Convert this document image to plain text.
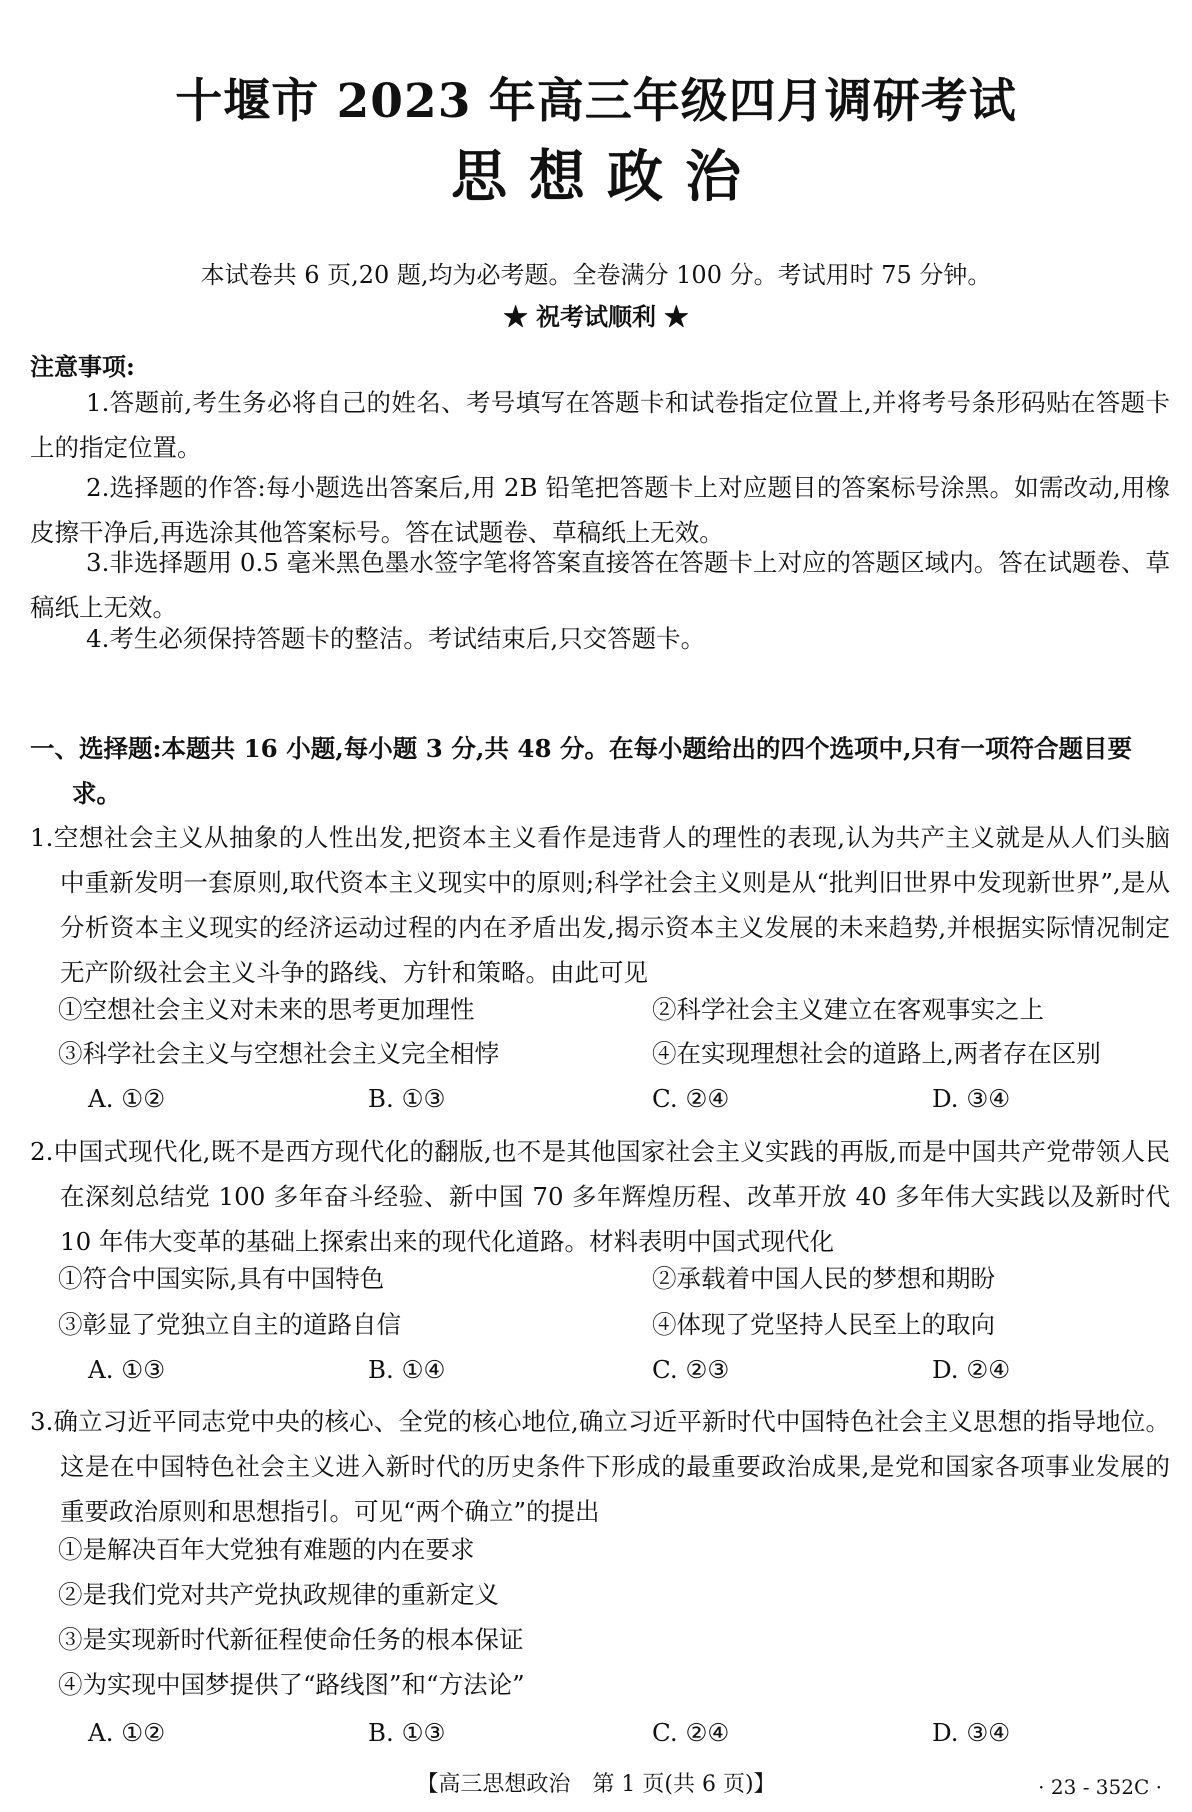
十堰市 2023 年高三年级四月调研考试
思想政治
本试卷共 6 页,20 题,均为必考题。全卷满分 100 分。考试用时 75 分钟。
★ 祝考试顺利 ★
注意事项:
1.答题前,考生务必将自己的姓名、考号填写在答题卡和试卷指定位置上,并将考号条形码贴在答题卡上的指定位置。
2.选择题的作答:每小题选出答案后,用 2B 铅笔把答题卡上对应题目的答案标号涂黑。如需改动,用橡皮擦干净后,再选涂其他答案标号。答在试题卷、草稿纸上无效。
3.非选择题用 0.5 毫米黑色墨水签字笔将答案直接答在答题卡上对应的答题区域内。答在试题卷、草稿纸上无效。
4.考生必须保持答题卡的整洁。考试结束后,只交答题卡。
一、选择题:本题共 16 小题,每小题 3 分,共 48 分。在每小题给出的四个选项中,只有一项符合题目要求。
1.空想社会主义从抽象的人性出发,把资本主义看作是违背人的理性的表现,认为共产主义就是从人们头脑中重新发明一套原则,取代资本主义现实中的原则;科学社会主义则是从“批判旧世界中发现新世界”,是从分析资本主义现实的经济运动过程的内在矛盾出发,揭示资本主义发展的未来趋势,并根据实际情况制定无产阶级社会主义斗争的路线、方针和策略。由此可见
①空想社会主义对未来的思考更加理性	②科学社会主义建立在客观事实之上
③科学社会主义与空想社会主义完全相悖	④在实现理想社会的道路上,两者存在区别
A. ①②	B. ①③	C. ②④	D. ③④
2.中国式现代化,既不是西方现代化的翻版,也不是其他国家社会主义实践的再版,而是中国共产党带领人民在深刻总结党 100 多年奋斗经验、新中国 70 多年辉煌历程、改革开放 40 多年伟大实践以及新时代 10 年伟大变革的基础上探索出来的现代化道路。材料表明中国式现代化
①符合中国实际,具有中国特色	②承载着中国人民的梦想和期盼
③彰显了党独立自主的道路自信	④体现了党坚持人民至上的取向
A. ①③	B. ①④	C. ②③	D. ②④
3.确立习近平同志党中央的核心、全党的核心地位,确立习近平新时代中国特色社会主义思想的指导地位。这是在中国特色社会主义进入新时代的历史条件下形成的最重要政治成果,是党和国家各项事业发展的重要政治原则和思想指引。可见“两个确立”的提出
①是解决百年大党独有难题的内在要求
②是我们党对共产党执政规律的重新定义
③是实现新时代新征程使命任务的根本保证
④为实现中国梦提供了“路线图”和“方法论”
A. ①②	B. ①③	C. ②④	D. ③④
【高三思想政治　第 1 页(共 6 页)】	· 23 - 352C ·
